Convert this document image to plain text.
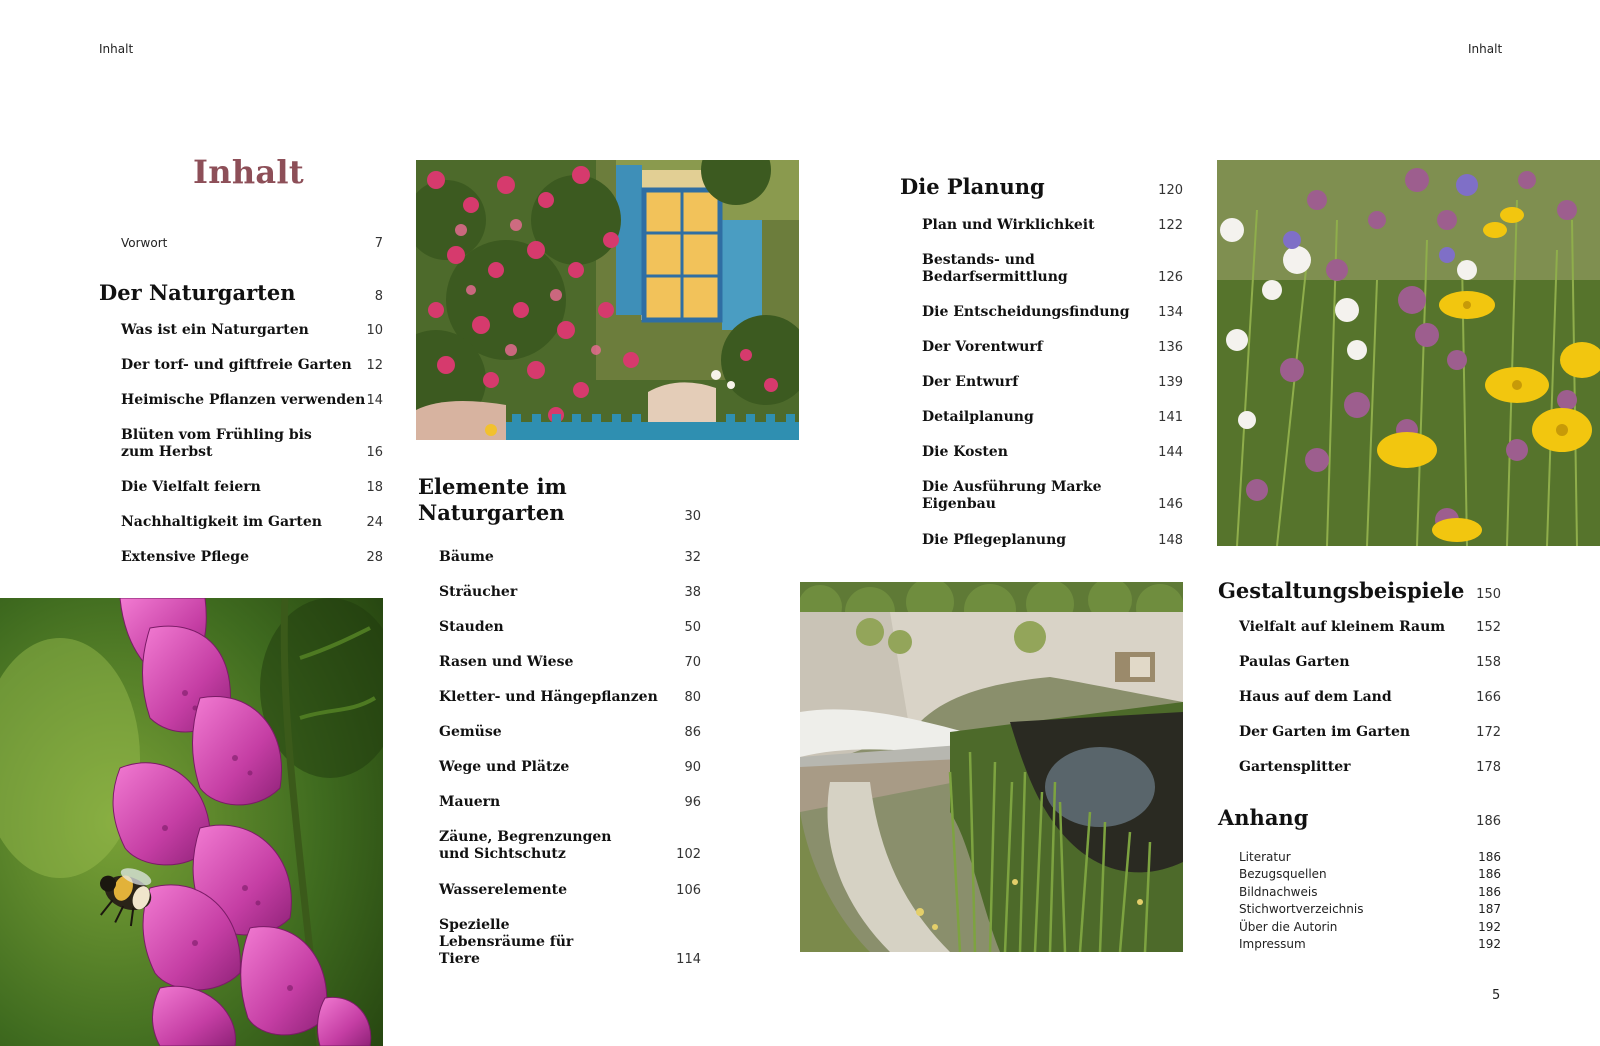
Inhalt	Inhalt
Inhalt
Vorwort	7
Der Naturgarten	8
Was ist ein Naturgarten	10
Der torf- und giftfreie Garten 12
Heimische Pflanzen verwenden 14
Blüten vom Frühling bis zum Herbst	16
Die Vielfalt feiern	18
Nachhaltigkeit im Garten	24
Extensive Pflege	28
Elemente im Naturgarten	30
Bäume	32
Sträucher	38
Stauden	50
Rasen und Wiese	70
Kletter- und Hängepflanzen 80
Gemüse	86
Wege und Plätze	90
Mauern	96
Zäune, Begrenzungen und Sichtschutz	102
Wasserelemente	106
Spezielle Lebensräume für Tiere	114
Die Planung	120
Plan und Wirklichkeit	122
Bestands- und Bedarfsermittlung	126
Die Entscheidungsfindung 134
Der Vorentwurf	136
Der Entwurf	139
Detailplanung	141
Die Kosten	144
Die Ausführung Marke Eigenbau	146
Die Pflegeplanung	148
Gestaltungsbeispiele 150
Vielfalt auf kleinem Raum 152
Paulas Garten	158
Haus auf dem Land	166
Der Garten im Garten	172
Gartensplitter	178
Anhang	186
Literatur	186
Bezugsquellen	186
Bildnachweis	186
Stichwortverzeichnis	187
Über die Autorin	192
Impressum	192
5
